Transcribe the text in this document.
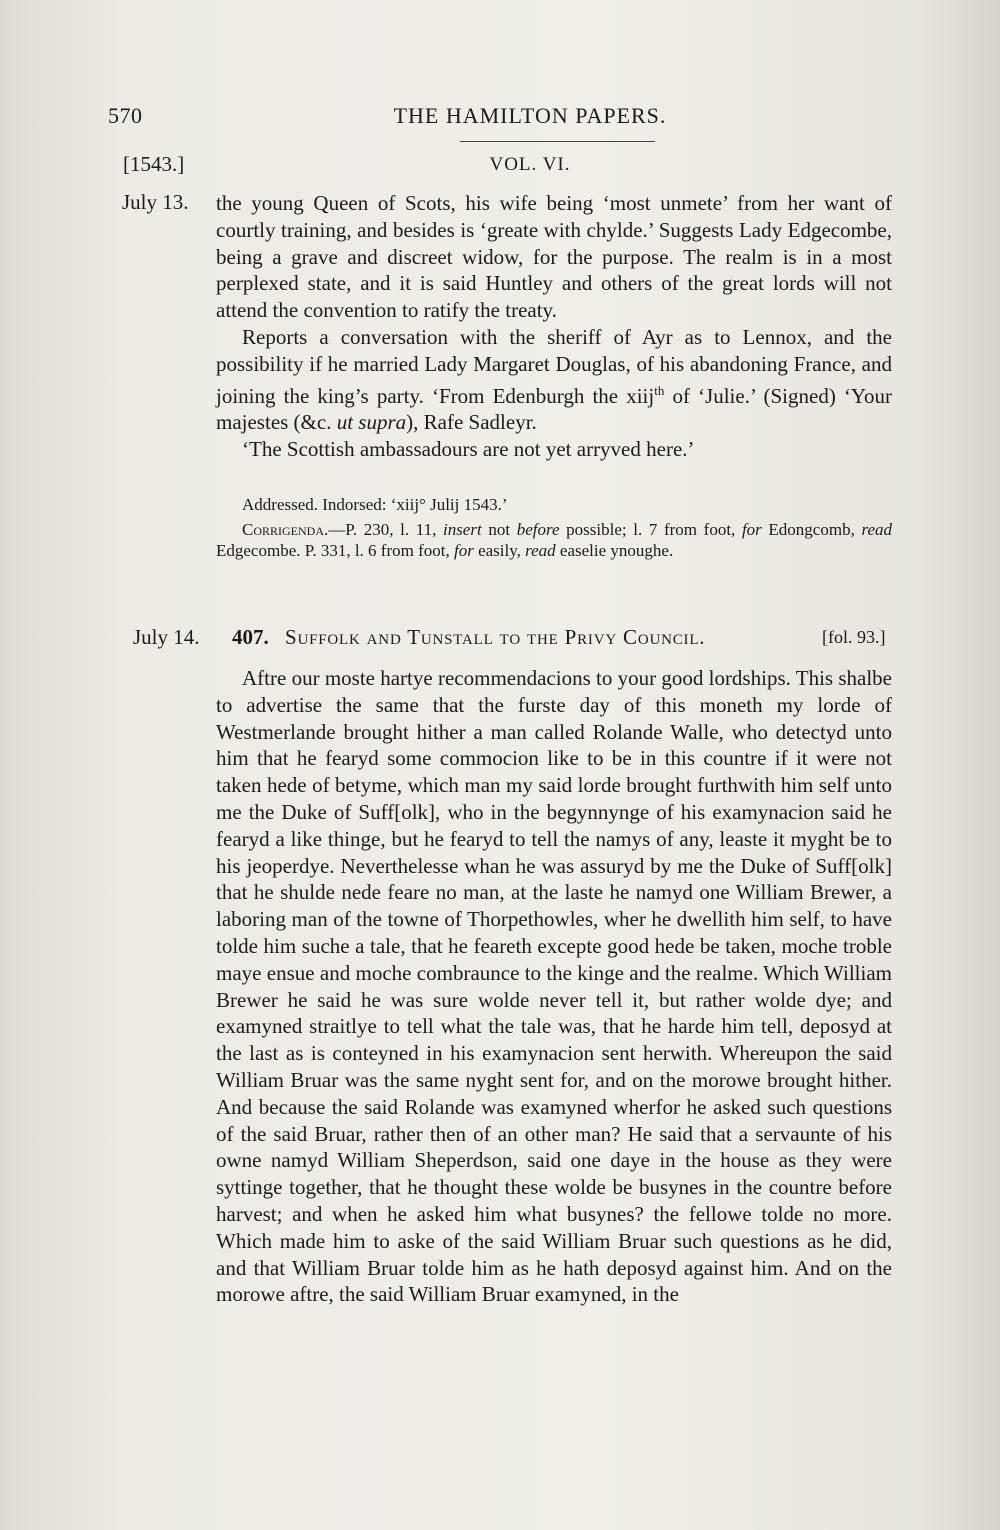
570	THE HAMILTON PAPERS.
[1543.]	VOL. VI.
July 13. the young Queen of Scots, his wife being ‘most unmete’ from her want of courtly training, and besides is ‘greate with chylde.’ Suggests Lady Edgecombe, being a grave and discreet widow, for the purpose. The realm is in a most perplexed state, and it is said Huntley and others of the great lords will not attend the convention to ratify the treaty.

Reports a conversation with the sheriff of Ayr as to Lennox, and the possibility if he married Lady Margaret Douglas, of his abandoning France, and joining the king’s party. ‘From Edenburgh the xiij$^{th}$ of ‘Julie.’ (Signed) ‘Your majestes (&c. ut supra), Rafe Sadleyr.

‘The Scottish ambassadours are not yet arryved here.’

Addressed. Indorsed: ‘xiij° Julij 1543.’

Corrigenda.—P. 230, l. 11, insert not before possible; l. 7 from foot, for Edongcomb, read Edgecombe. P. 331, l. 6 from foot, for easily, read easelie ynoughe.

July 14. 407. Suffolk and Tunstall to the Privy Council.	[fol. 93.]

Aftre our moste hartye recommendacions to your good lordships. This shalbe to advertise the same that the furste day of this moneth my lorde of Westmerlande brought hither a man called Rolande Walle, who detectyd unto him that he fearyd some commocion like to be in this countre if it were not taken hede of betyme, which man my said lorde brought furthwith him self unto me the Duke of Suff[olk], who in the begynnynge of his examynacion said he fearyd a like thinge, but he fearyd to tell the namys of any, leaste it myght be to his jeoperdye. Neverthelesse whan he was assuryd by me the Duke of Suff[olk] that he shulde nede feare no man, at the laste he namyd one William Brewer, a laboring man of the towne of Thorpethowles, wher he dwellith him self, to have tolde him suche a tale, that he feareth excepte good hede be taken, moche troble maye ensue and moche combraunce to the kinge and the realme. Which William Brewer he said he was sure wolde never tell it, but rather wolde dye; and examyned straitlye to tell what the tale was, that he harde him tell, deposyd at the last as is conteyned in his examynacion sent herwith. Whereupon the said William Bruar was the same nyght sent for, and on the morowe brought hither. And because the said Rolande was examyned wherfor he asked such questions of the said Bruar, rather then of an other man? He said that a servaunte of his owne namyd William Sheperdson, said one daye in the house as they were syttinge together, that he thought these wolde be busynes in the countre before harvest; and when he asked him what busynes? the fellowe tolde no more. Which made him to aske of the said William Bruar such questions as he did, and that William Bruar tolde him as he hath deposyd against him. And on the morowe aftre, the said William Bruar examyned, in the
